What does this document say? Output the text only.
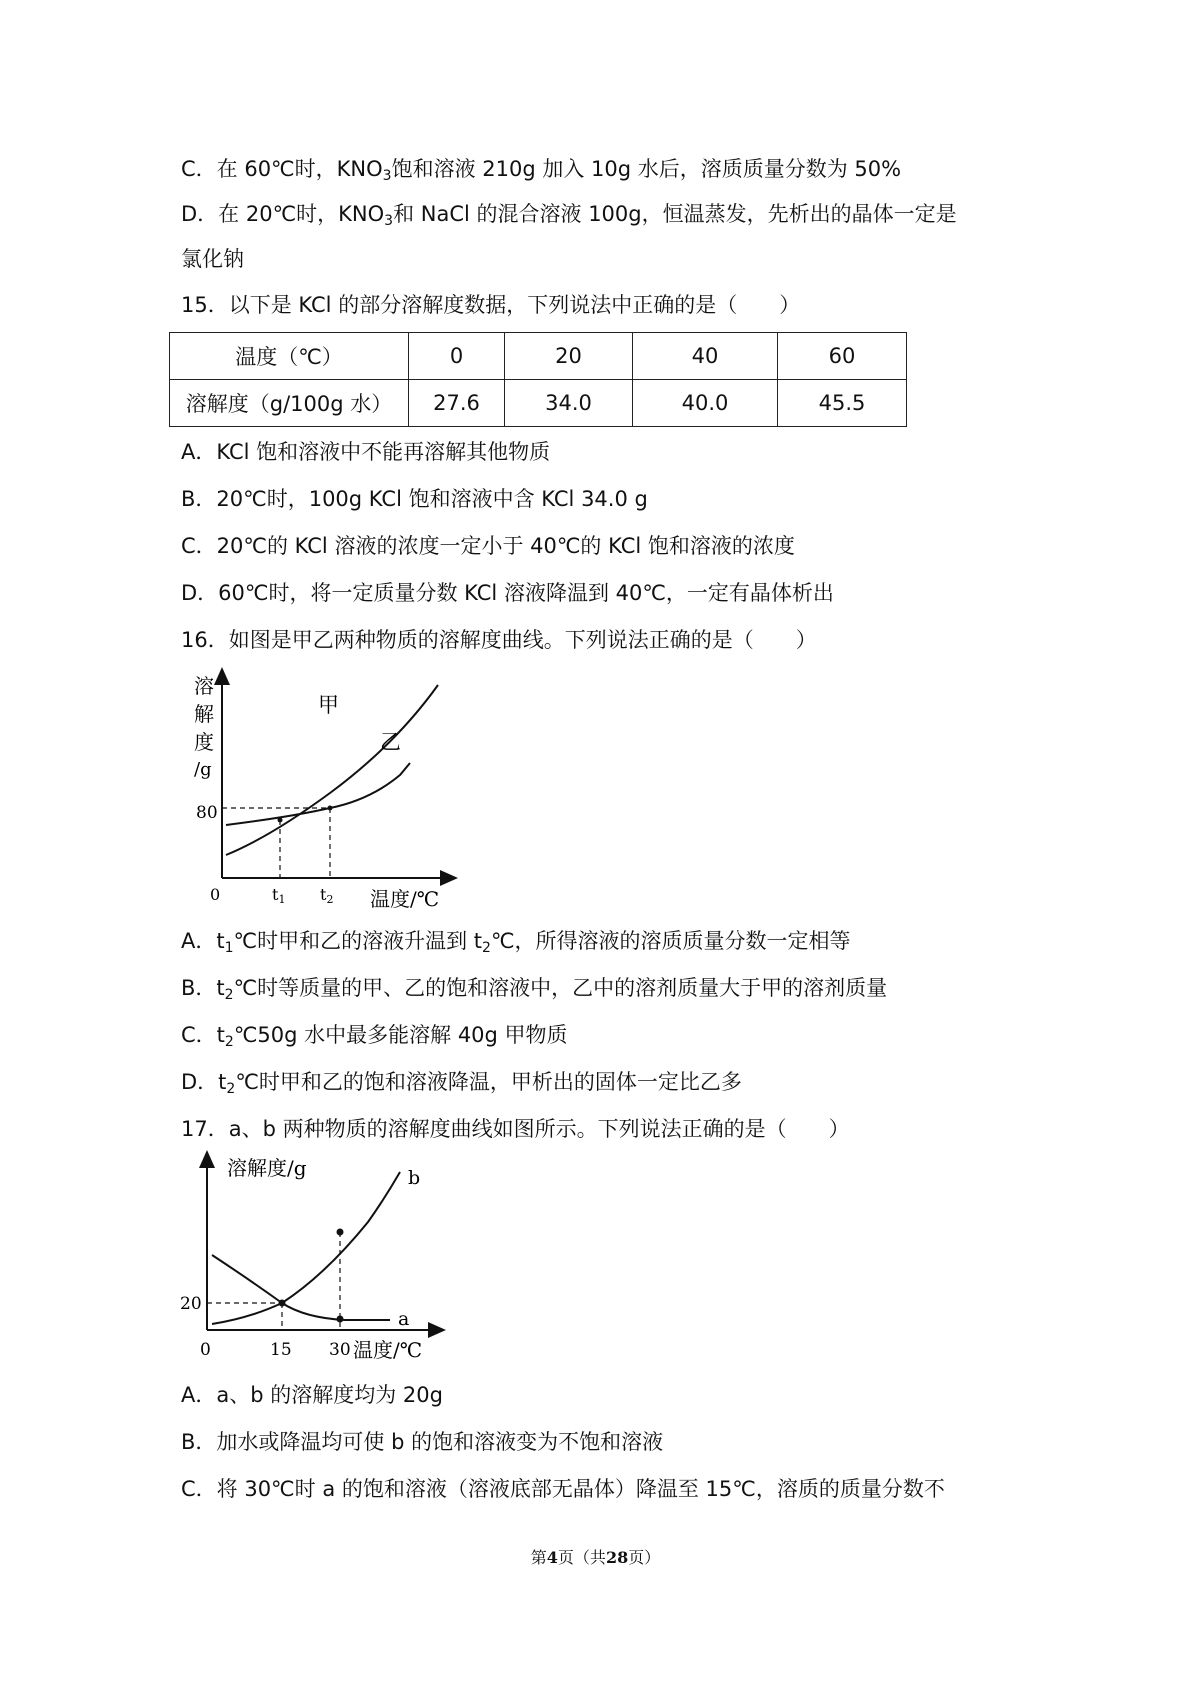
C．在 60℃时，$KNO_3$饱和溶液 210g 加入 10g 水后，溶质质量分数为 50%
D．在 20℃时，$KNO_3$和 NaCl 的混合溶液 100g，恒温蒸发，先析出的晶体一定是
氯化钠
15．以下是 KCl 的部分溶解度数据，下列说法中正确的是（　　）
温度（℃）	0	20	40	60
溶解度（g/100g 水）	27.6	34.0	40.0	45.5
A．KCl 饱和溶液中不能再溶解其他物质
B．20℃时，100g KCl 饱和溶液中含 KCl 34.0 g
C．20℃的 KCl 溶液的浓度一定小于 40℃的 KCl 饱和溶液的浓度
D．60℃时，将一定质量分数 KCl 溶液降温到 40℃，一定有晶体析出
16．如图是甲乙两种物质的溶解度曲线。下列说法正确的是（　　）
溶
解
度
/g
80
0	t1 t2 温度/℃
甲
乙
A．$t_1℃$时甲和乙的溶液升温到 $t_2℃$，所得溶液的溶质质量分数一定相等
B．$t_2℃$时等质量的甲、乙的饱和溶液中，乙中的溶剂质量大于甲的溶剂质量
C．$t_2℃50g$ 水中最多能溶解 40g 甲物质
D．$t_2℃$时甲和乙的饱和溶液降温，甲析出的固体一定比乙多
17．a、b 两种物质的溶解度曲线如图所示。下列说法正确的是（　　）
溶解度/g
20
0	15 30 温度/℃
b
a
A．a、b 的溶解度均为 20g
B．加水或降温均可使 b 的饱和溶液变为不饱和溶液
C．将 30℃时 a 的饱和溶液（溶液底部无晶体）降温至 15℃，溶质的质量分数不
第4页（共28页）
